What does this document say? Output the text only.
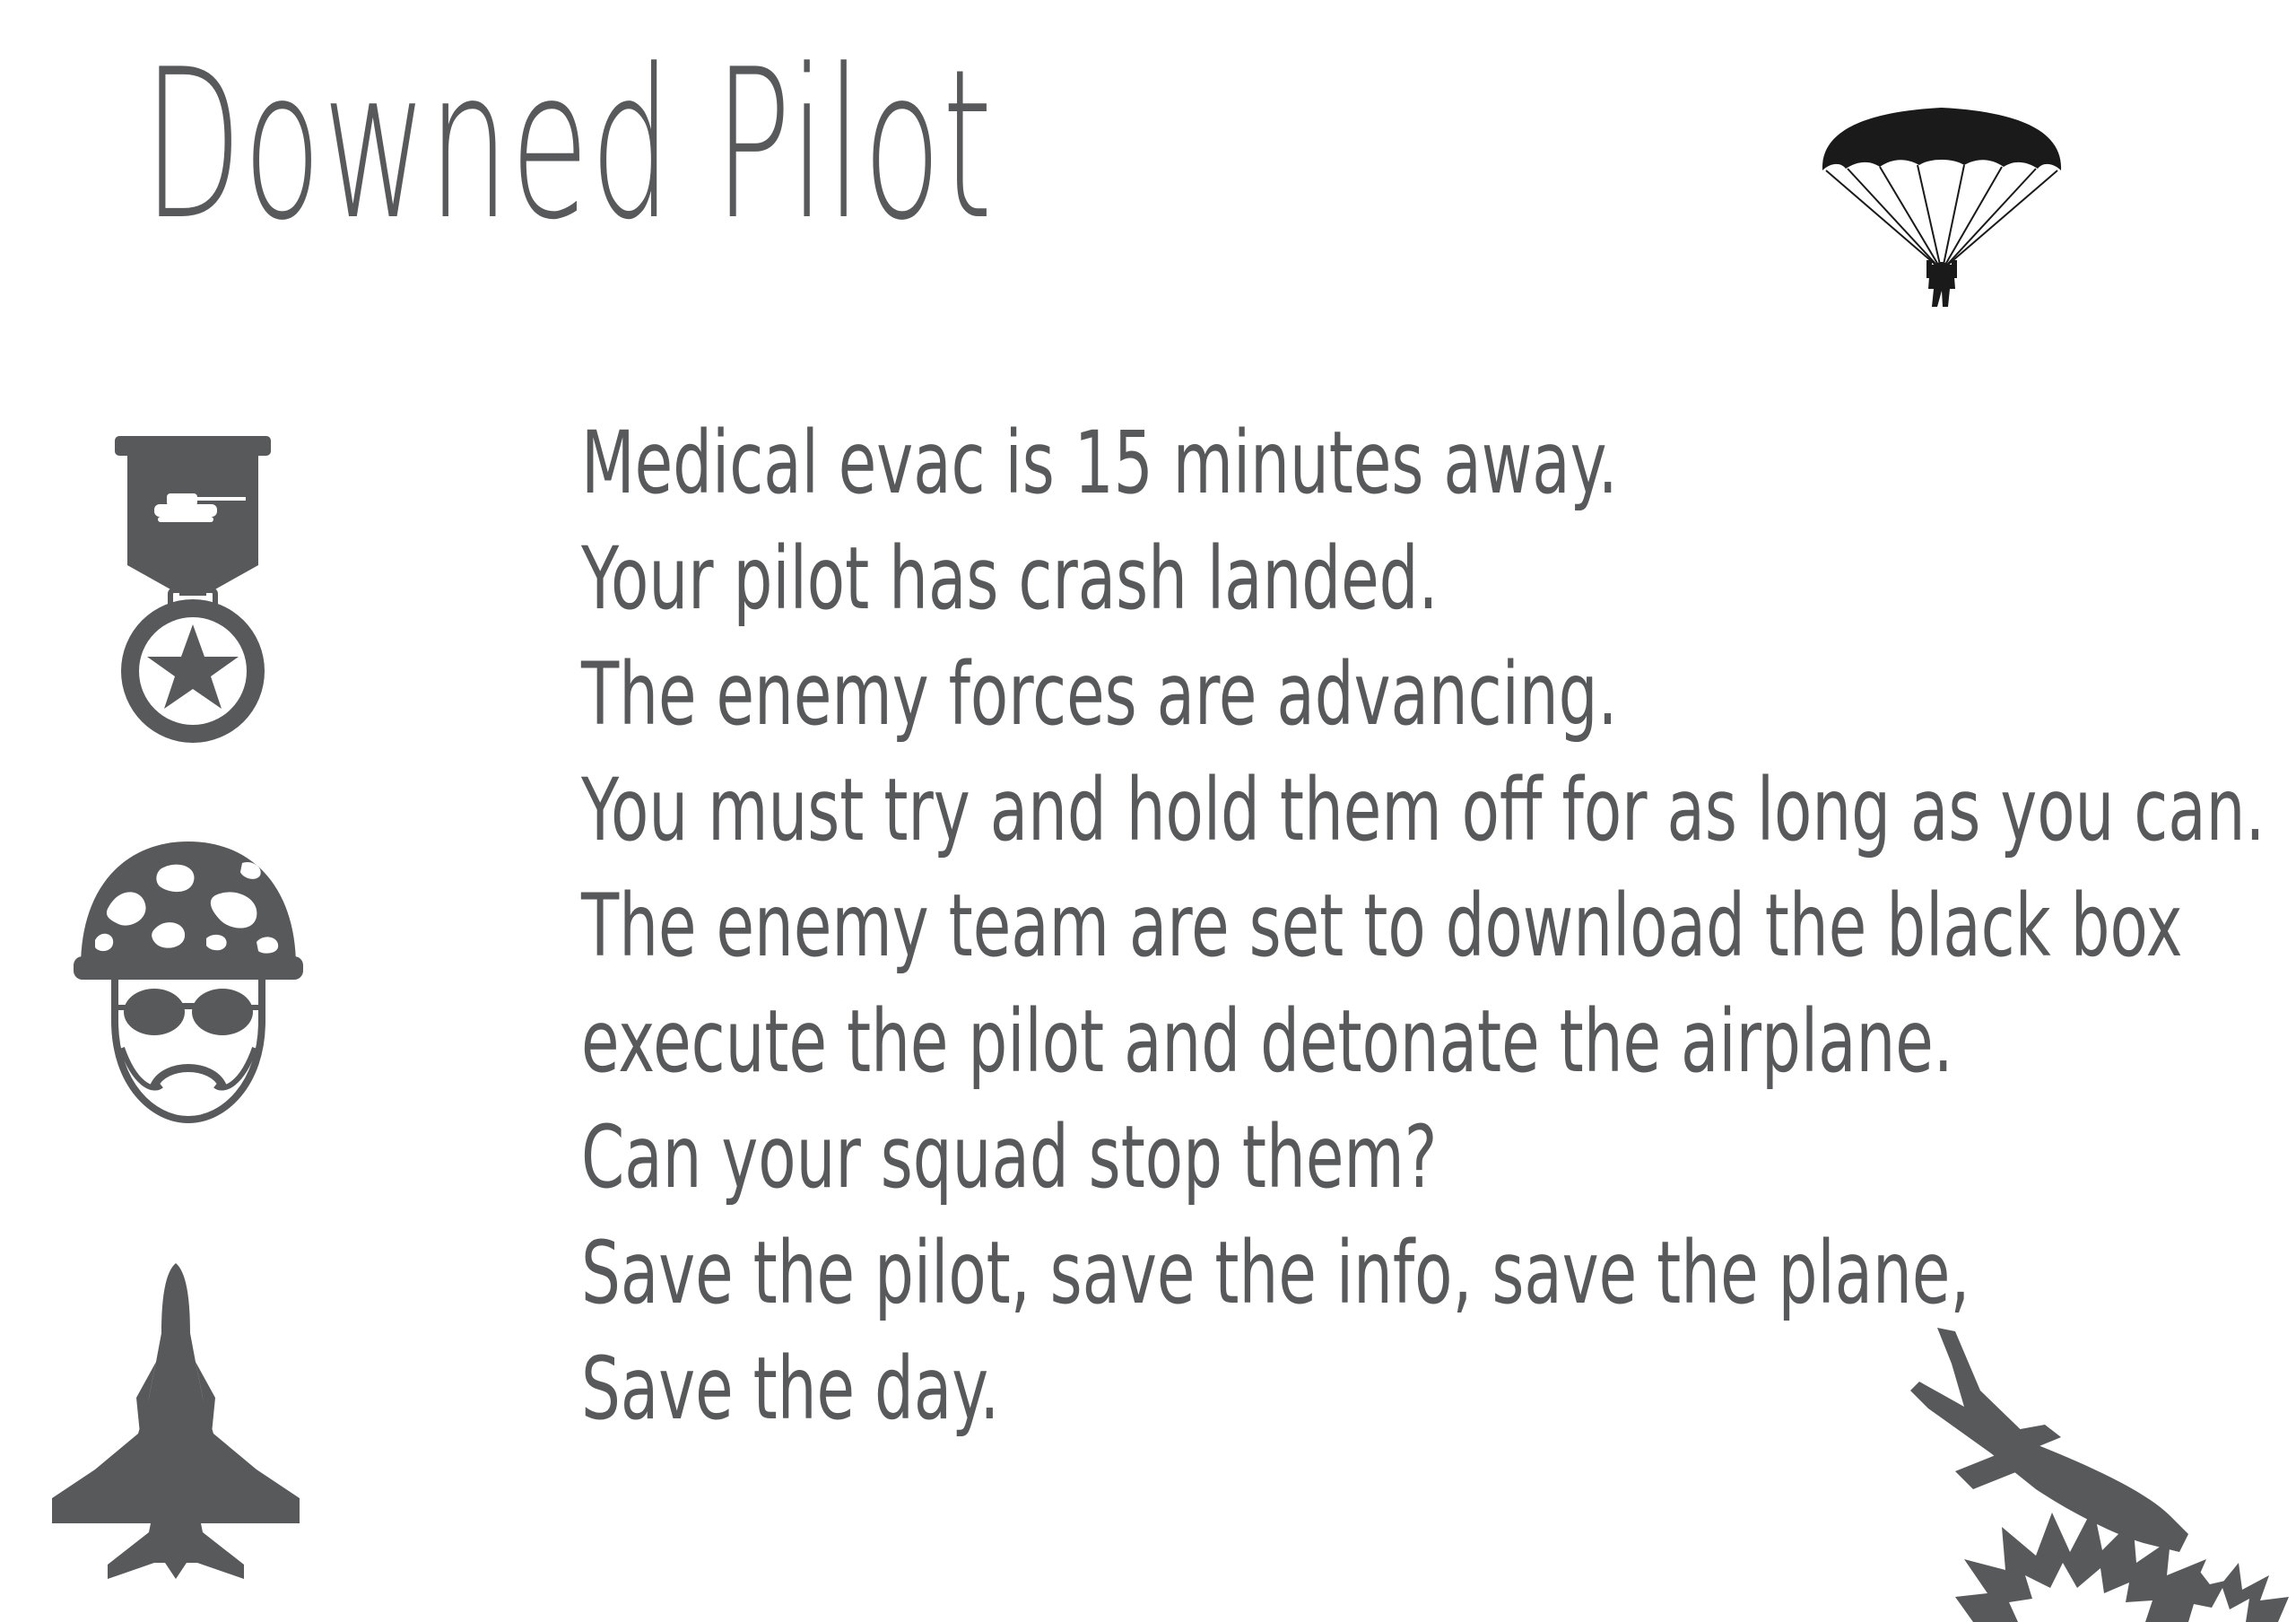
Downed Pilot
Medical evac is 15 minutes away.
Your pilot has crash landed.
The enemy forces are advancing.
You must try and hold them off for as long as you can.
The enemy team are set to download the black box
execute the pilot and detonate the airplane.
Can your squad stop them?
Save the pilot, save the info, save the plane,
Save the day.
